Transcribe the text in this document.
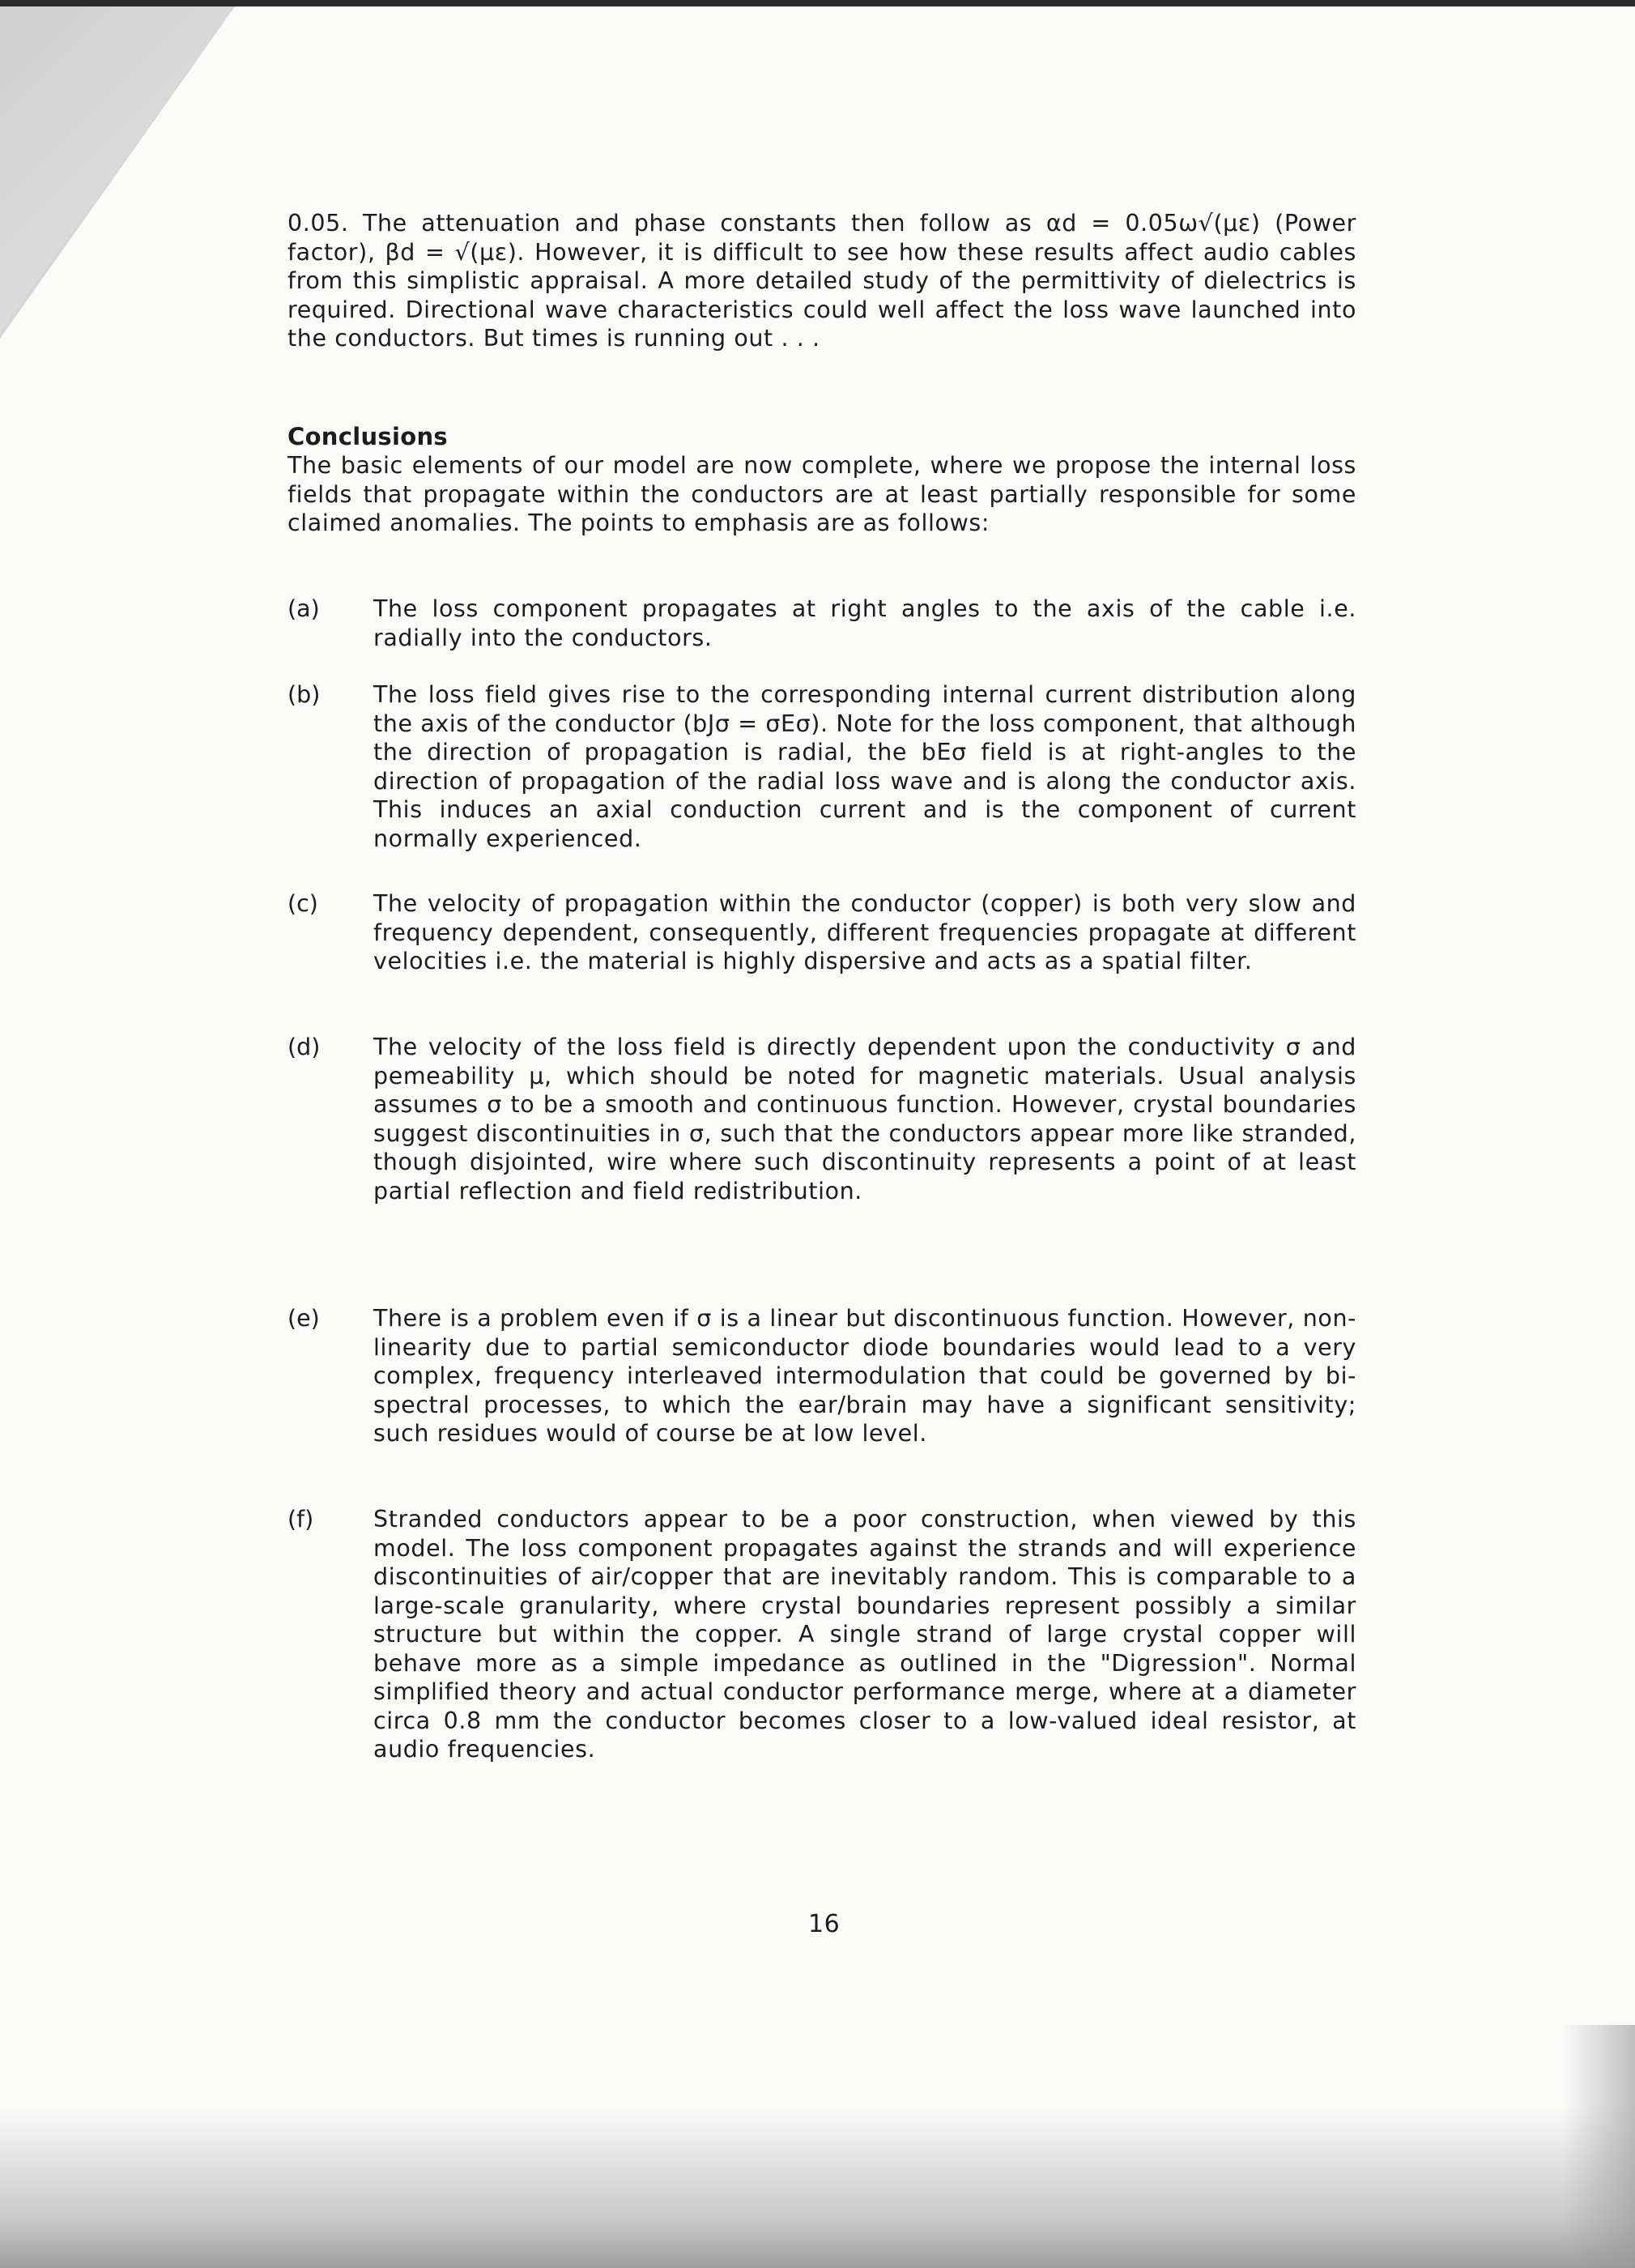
0.05. The attenuation and phase constants then follow as αd = 0.05ω√(με) (Power factor), βd = √(με). However, it is difficult to see how these results affect audio cables from this simplistic appraisal. A more detailed study of the permittivity of dielectrics is required. Directional wave characteristics could well affect the loss wave launched into the conductors. But times is running out . . .
Conclusions
The basic elements of our model are now complete, where we propose the internal loss fields that propagate within the conductors are at least partially responsible for some claimed anomalies. The points to emphasis are as follows:
(a)	The loss component propagates at right angles to the axis of the cable i.e. radially into the conductors.
(b)	The loss field gives rise to the corresponding internal current distribution along the axis of the conductor (bJσ = σEσ). Note for the loss component, that although the direction of propagation is radial, the bEσ field is at right-angles to the direction of propagation of the radial loss wave and is along the conductor axis. This induces an axial conduction current and is the component of current normally experienced.
(c)	The velocity of propagation within the conductor (copper) is both very slow and frequency dependent, consequently, different frequencies propagate at different velocities i.e. the material is highly dispersive and acts as a spatial filter.
(d)	The velocity of the loss field is directly dependent upon the conductivity σ and pemeability μ, which should be noted for magnetic materials. Usual analysis assumes σ to be a smooth and continuous function. However, crystal boundaries suggest discontinuities in σ, such that the conductors appear more like stranded, though disjointed, wire where such discontinuity represents a point of at least partial reflection and field redistribution.
(e)	There is a problem even if σ is a linear but discontinuous function. However, non-linearity due to partial semiconductor diode boundaries would lead to a very complex, frequency interleaved intermodulation that could be governed by bi-spectral processes, to which the ear/brain may have a significant sensitivity; such residues would of course be at low level.
(f)	Stranded conductors appear to be a poor construction, when viewed by this model. The loss component propagates against the strands and will experience discontinuities of air/copper that are inevitably random. This is comparable to a large-scale granularity, where crystal boundaries represent possibly a similar structure but within the copper. A single strand of large crystal copper will behave more as a simple impedance as outlined in the "Digression". Normal simplified theory and actual conductor performance merge, where at a diameter circa 0.8 mm the conductor becomes closer to a low-valued ideal resistor, at audio frequencies.
16
